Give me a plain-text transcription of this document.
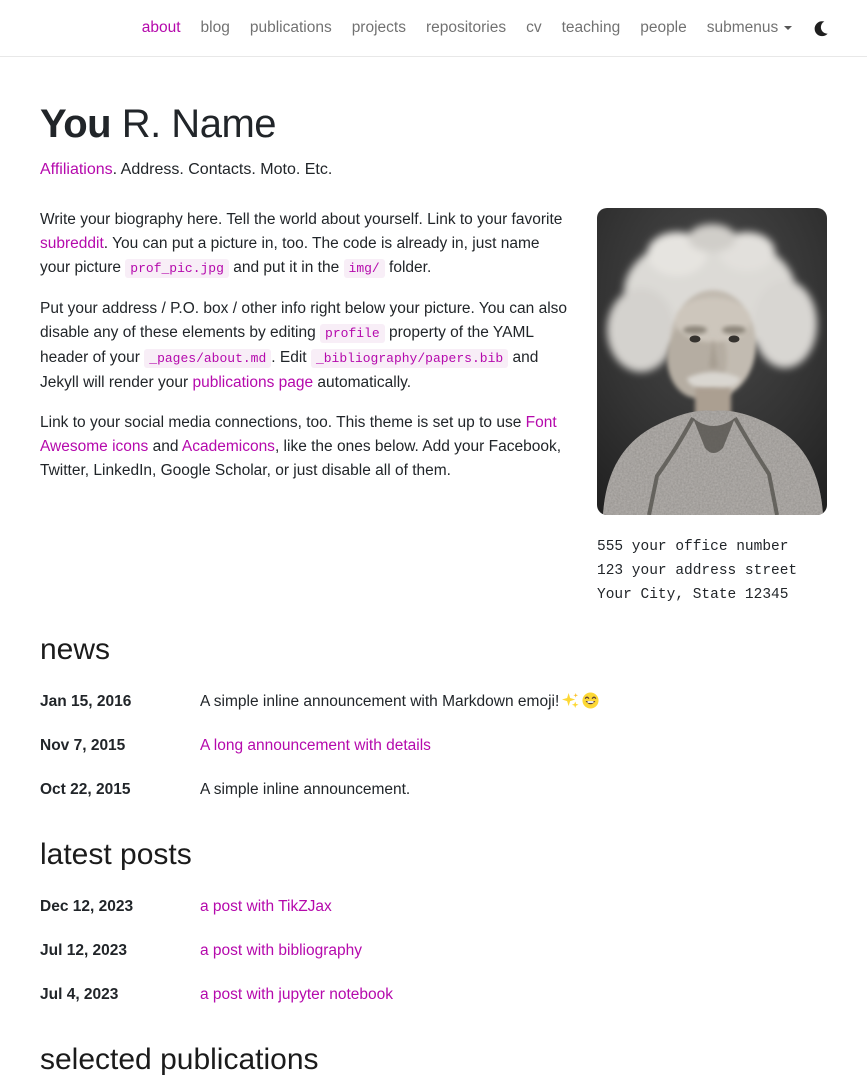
about blog publications projects repositories cv teaching people submenus
You R. Name

Affiliations. Address. Contacts. Moto. Etc.

Write your biography here. Tell the world about yourself. Link to your favorite subreddit. You can put a picture in, too. The code is already in, just name your picture prof_pic.jpg and put it in the img/ folder.

Put your address / P.O. box / other info right below your picture. You can also disable any of these elements by editing profile property of the YAML header of your _pages/about.md . Edit _bibliography/papers.bib and Jekyll will render your publications page automatically.

Link to your social media connections, too. This theme is set up to use Font Awesome icons and Academicons, like the ones below. Add your Facebook, Twitter, LinkedIn, Google Scholar, or just disable all of them.

555 your office number
123 your address street
Your City, State 12345
news
Jan 15, 2016	A simple inline announcement with Markdown emoji!
Nov 7, 2015	A long announcement with details
Oct 22, 2015	A simple inline announcement.
latest posts
Dec 12, 2023	a post with TikZJax
Jul 12, 2023	a post with bibliography
Jul 4, 2023	a post with jupyter notebook
selected publications
